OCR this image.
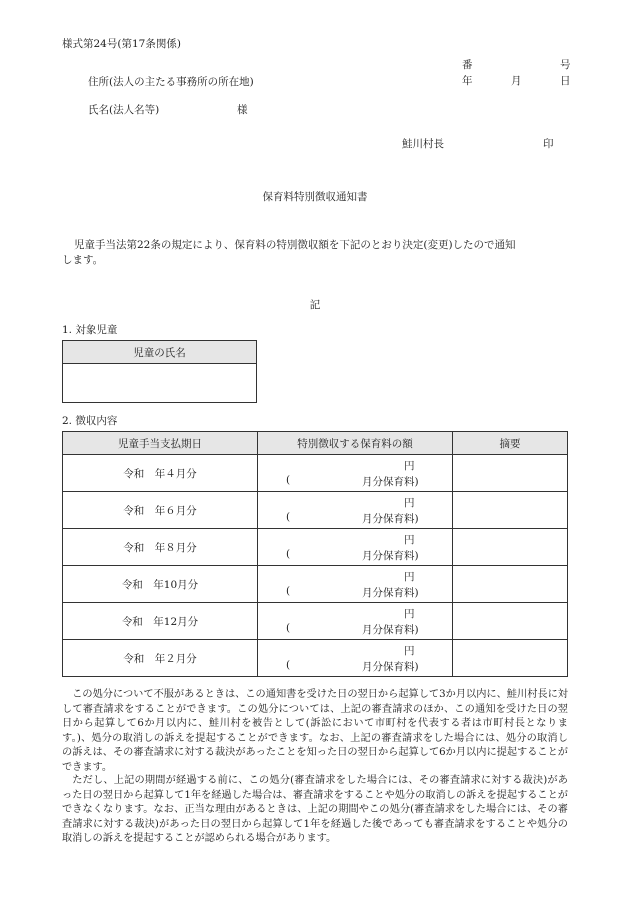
様式第24号(第17条関係)
番	号
年	月	日
住所(法人の主たる事務所の所在地)
氏名(法人名等)	様
鮭川村長	印
保育料特別徴収通知書
児童手当法第22条の規定により、保育料の特別徴収額を下記のとおり決定(変更)したので通知
します。
記
1. 対象児童
児童の氏名

2. 徴収内容
児童手当支払期日	特別徴収する保育料の額	摘要
令和　年４月分	円
( 月分保育料)	

令和　年６月分	円
( 月分保育料)	

令和　年８月分	円
( 月分保育料)	

令和　年10月分	円
( 月分保育料)	

令和　年12月分	円
( 月分保育料)	

令和　年２月分	円
( 月分保育料)	

この処分について不服があるときは、この通知書を受けた日の翌日から起算して3か月以内に、鮭川村長に対して審査請求をすることができます。この処分については、上記の審査請求のほか、この通知を受けた日の翌日から起算して6か月以内に、鮭川村を被告として(訴訟において市町村を代表する者は市町村長となります。)、処分の取消しの訴えを提起することができます。なお、上記の審査請求をした場合には、処分の取消しの訴えは、その審査請求に対する裁決があったことを知った日の翌日から起算して6か月以内に提起することができます。
ただし、上記の期間が経過する前に、この処分(審査請求をした場合には、その審査請求に対する裁決)があった日の翌日から起算して1年を経過した場合は、審査請求をすることや処分の取消しの訴えを提起することができなくなります。なお、正当な理由があるときは、上記の期間やこの処分(審査請求をした場合には、その審査請求に対する裁決)があった日の翌日から起算して1年を経過した後であっても審査請求をすることや処分の取消しの訴えを提起することが認められる場合があります。
